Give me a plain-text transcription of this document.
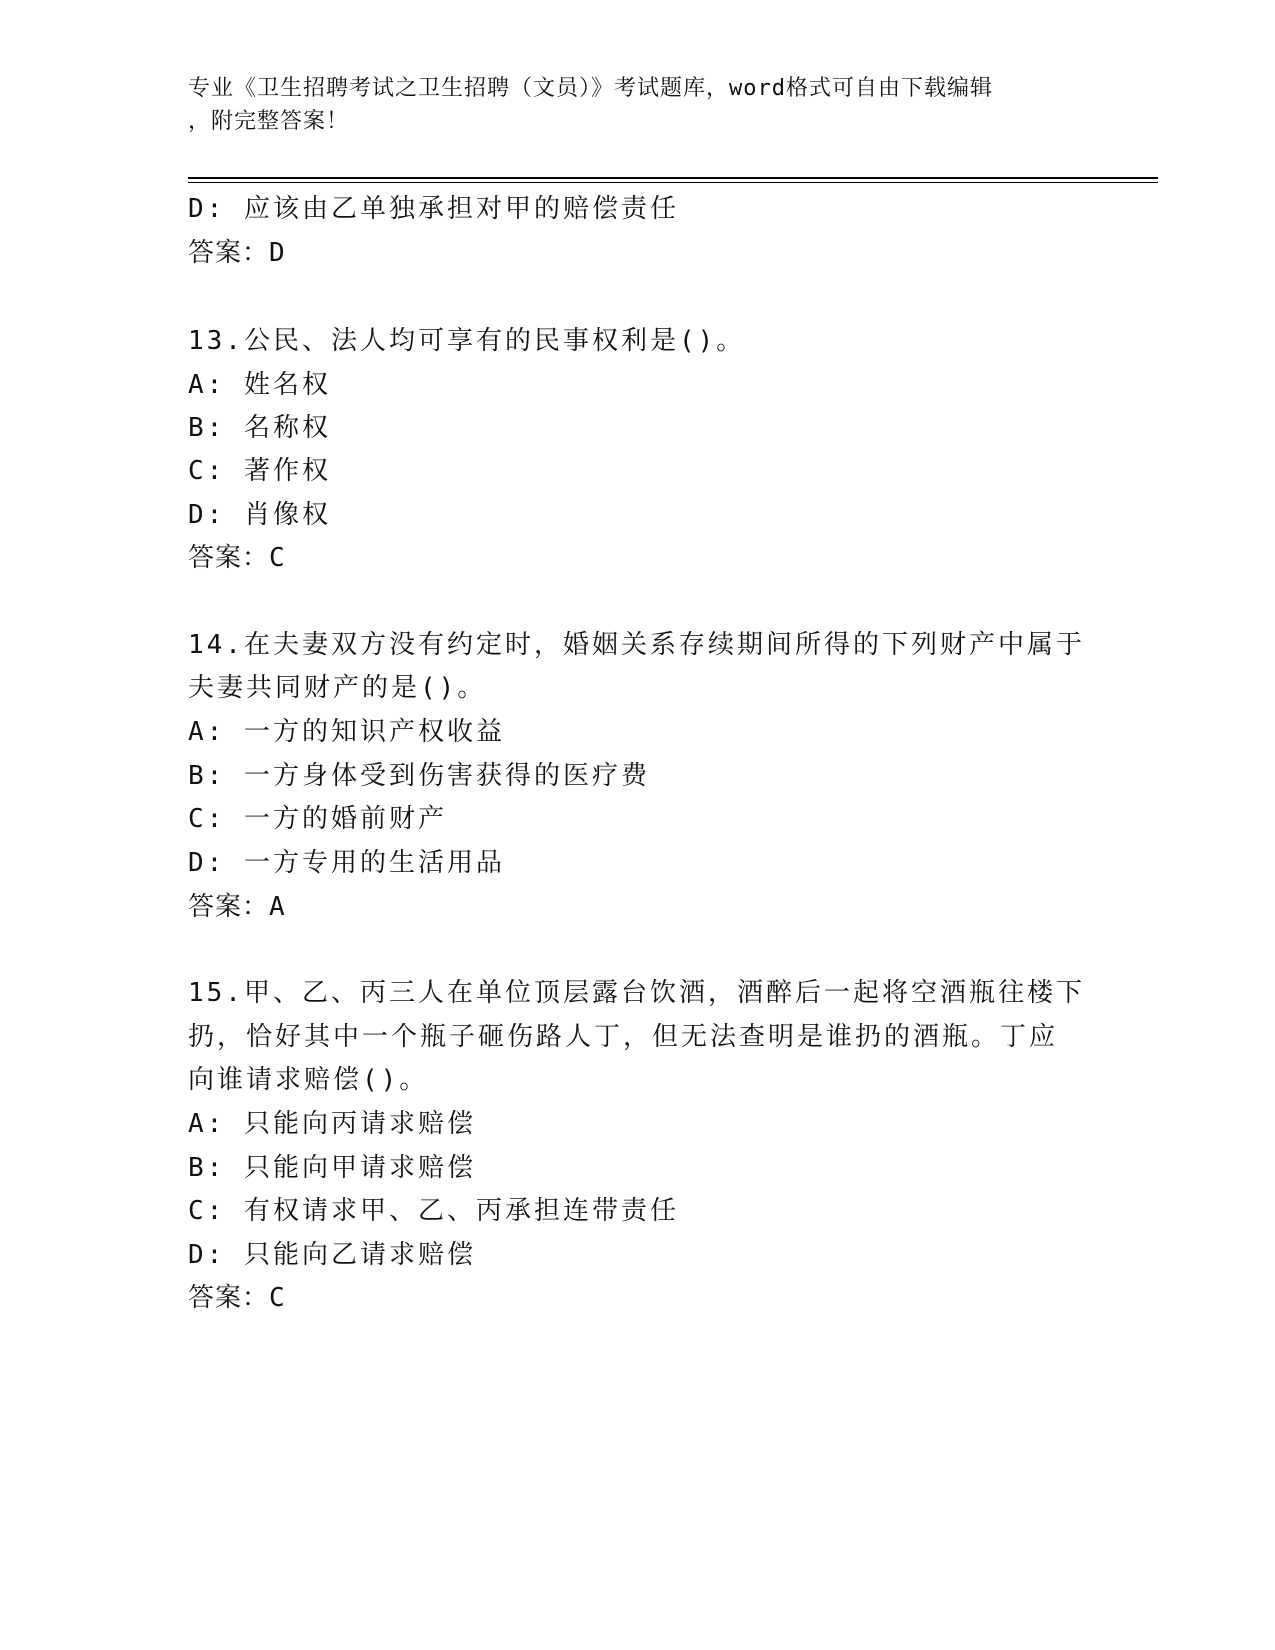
专业《卫生招聘考试之卫生招聘（文员）》考试题库，word格式可自由下载编辑
，附完整答案！
D: 应该由乙单独承担对甲的赔偿责任
答案：D
13.公民、法人均可享有的民事权利是()。
A: 姓名权
B: 名称权
C: 著作权
D: 肖像权
答案：C
14.在夫妻双方没有约定时，婚姻关系存续期间所得的下列财产中属于
夫妻共同财产的是()。
A: 一方的知识产权收益
B: 一方身体受到伤害获得的医疗费
C: 一方的婚前财产
D: 一方专用的生活用品
答案：A
15.甲、乙、丙三人在单位顶层露台饮酒，酒醉后一起将空酒瓶往楼下
扔，恰好其中一个瓶子砸伤路人丁，但无法查明是谁扔的酒瓶。丁应
向谁请求赔偿()。
A: 只能向丙请求赔偿
B: 只能向甲请求赔偿
C: 有权请求甲、乙、丙承担连带责任
D: 只能向乙请求赔偿
答案：C
